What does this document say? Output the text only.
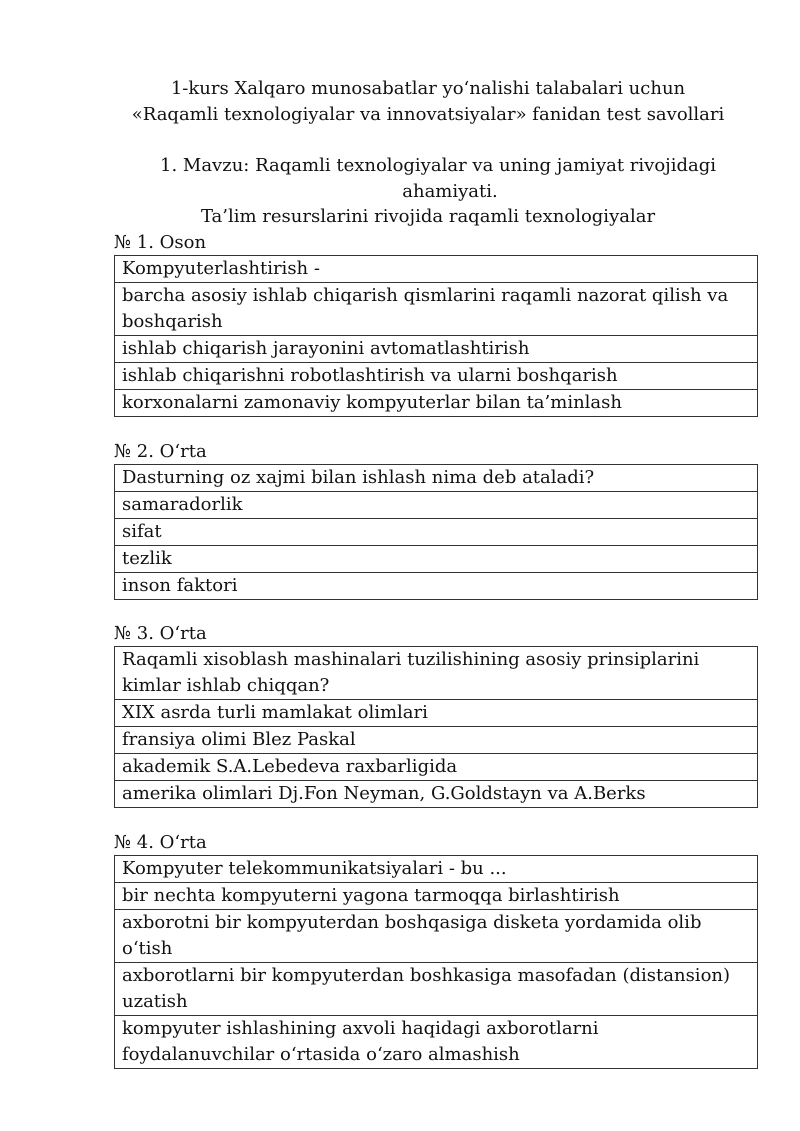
1-kurs Xalqaro munosabatlar yo‘nalishi talabalari uchun
«Raqamli texnologiyalar va innovatsiyalar» fanidan test savollari
1. Mavzu: Raqamli texnologiyalar va uning jamiyat rivojidagi
ahamiyati.
Ta’lim resurslarini rivojida raqamli texnologiyalar
№ 1. Oson
Kompyuterlashtirish -
barcha asosiy ishlab chiqarish qismlarini raqamli nazorat qilish va boshqarish
ishlab chiqarish jarayonini avtomatlashtirish
ishlab chiqarishni robotlashtirish va ularni boshqarish
korxonalarni zamonaviy kompyuterlar bilan ta’minlash
№ 2. O‘rta
Dasturning oz xajmi bilan ishlash nima deb ataladi?
samaradorlik
sifat
tezlik
inson faktori
№ 3. O‘rta
Raqamli xisoblash mashinalari tuzilishining asosiy prinsiplarini kimlar ishlab chiqqan?
XIX asrda turli mamlakat olimlari
fransiya olimi Blez Paskal
akademik S.A.Lebedeva raxbarligida
amerika olimlari Dj.Fon Neyman, G.Goldstayn va A.Berks
№ 4. O‘rta
Kompyuter telekommunikatsiyalari - bu ...
bir nechta kompyuterni yagona tarmoqqa birlashtirish
axborotni bir kompyuterdan boshqasiga disketa yordamida olib o‘tish
axborotlarni bir kompyuterdan boshkasiga masofadan (distansion) uzatish
kompyuter ishlashining axvoli haqidagi axborotlarni foydalanuvchilar o‘rtasida o‘zaro almashish
